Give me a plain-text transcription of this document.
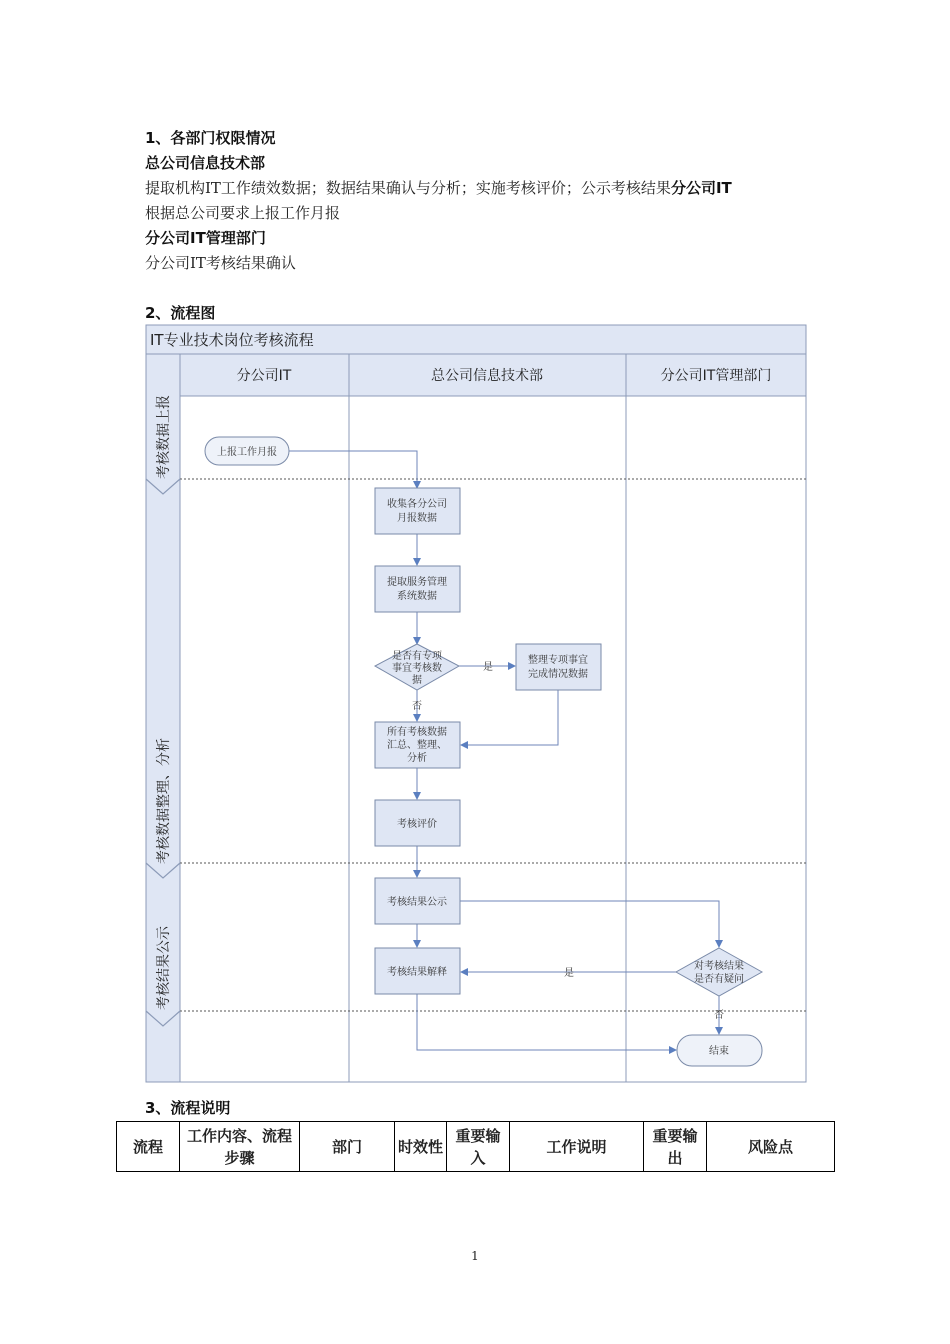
1、各部门权限情况
总公司信息技术部
提取机构IT工作绩效数据；数据结果确认与分析；实施考核评价；公示考核结果分公司IT
根据总公司要求上报工作月报
分公司IT管理部门
分公司IT考核结果确认
2、流程图
IT专业技术岗位考核流程
分公司IT	总公司信息技术部	分公司IT管理部门
考核数据上报
考核数据整理、分析
考核结果公示
是
否
是
否
上报工作月报
收集各分公司
月报数据
提取服务管理
系统数据
是否有专项
事宜考核数
据
整理专项事宜
完成情况数据
所有考核数据
汇总、整理、
分析
考核评价
考核结果公示
考核结果解释
对考核结果
是否有疑问
结束
3、流程说明
流程	工作内容、流程步骤	部门	时效性	重要输入	工作说明	重要输出	风险点
1
